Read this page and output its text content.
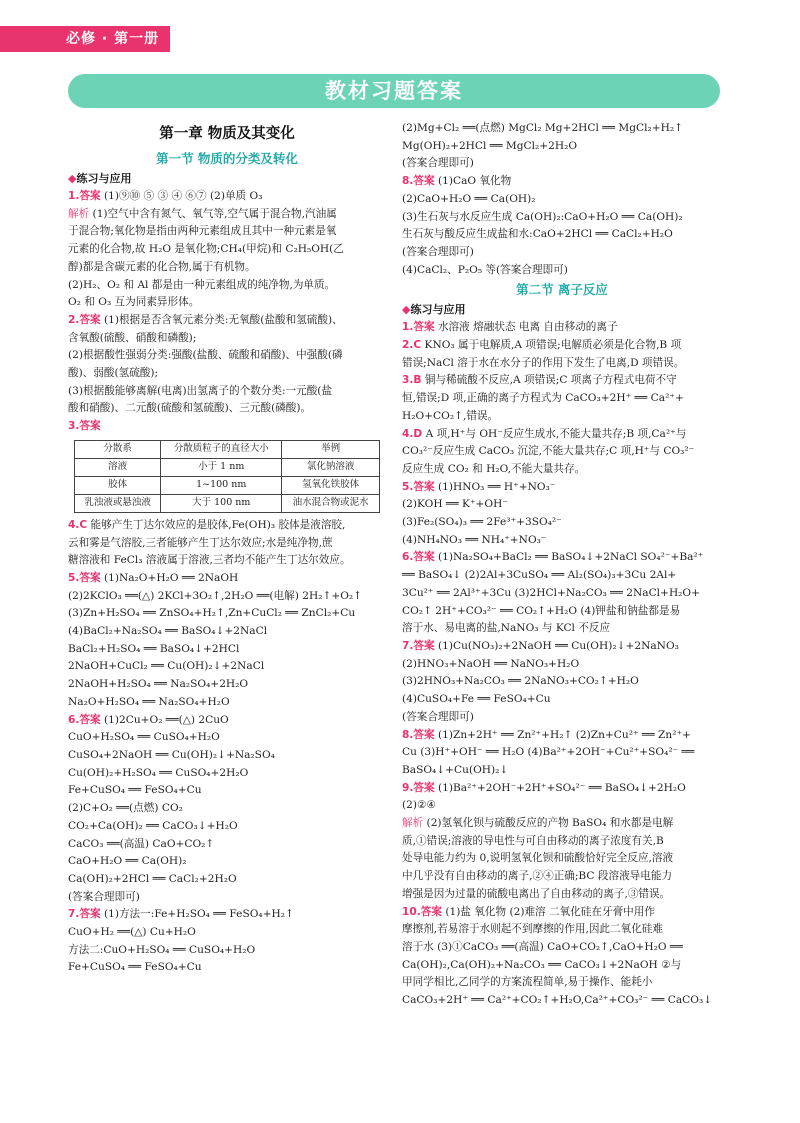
必修 · 第一册
教材习题答案
第一章 物质及其变化
第一节 物质的分类及转化
◆练习与应用

1.答案 (1)⑨⑩ ⑤ ③ ④ ⑥⑦ (2)单质 O₃

解析 (1)空气中含有氮气、氧气等,空气属于混合物,汽油属

于混合物;氧化物是指由两种元素组成且其中一种元素是氧

元素的化合物,故 H₂O 是氧化物;CH₄(甲烷)和 C₂H₅OH(乙

醇)都是含碳元素的化合物,属于有机物。

(2)H₂、O₂ 和 Al 都是由一种元素组成的纯净物,为单质。

O₂ 和 O₃ 互为同素异形体。

2.答案 (1)根据是否含氧元素分类:无氧酸(盐酸和氢硫酸)、

含氧酸(硫酸、硝酸和磷酸);

(2)根据酸性强弱分类:强酸(盐酸、硫酸和硝酸)、中强酸(磷

酸)、弱酸(氢硫酸);

(3)根据酸能够离解(电离)出氢离子的个数分类:一元酸(盐

酸和硝酸)、二元酸(硫酸和氢硫酸)、三元酸(磷酸)。

3.答案

分散系	分散质粒子的直径大小	举例
溶液	小于 1 nm	氯化钠溶液
胶体	1~100 nm	氢氧化铁胶体
乳浊液或悬浊液	大于 100 nm	油水混合物或泥水

4.C 能够产生丁达尔效应的是胶体,Fe(OH)₃ 胶体是液溶胶,

云和雾是气溶胶,三者能够产生丁达尔效应;水是纯净物,蔗

糖溶液和 FeCl₃ 溶液属于溶液,三者均不能产生丁达尔效应。

5.答案 (1)Na₂O+H₂O ══ 2NaOH

(2)2KClO₃ ══(△) 2KCl+3O₂↑,2H₂O ══(电解) 2H₂↑+O₂↑

(3)Zn+H₂SO₄ ══ ZnSO₄+H₂↑,Zn+CuCl₂ ══ ZnCl₂+Cu

(4)BaCl₂+Na₂SO₄ ══ BaSO₄↓+2NaCl

BaCl₂+H₂SO₄ ══ BaSO₄↓+2HCl

2NaOH+CuCl₂ ══ Cu(OH)₂↓+2NaCl

2NaOH+H₂SO₄ ══ Na₂SO₄+2H₂O

Na₂O+H₂SO₄ ══ Na₂SO₄+H₂O

6.答案 (1)2Cu+O₂ ══(△) 2CuO

CuO+H₂SO₄ ══ CuSO₄+H₂O

CuSO₄+2NaOH ══ Cu(OH)₂↓+Na₂SO₄

Cu(OH)₂+H₂SO₄ ══ CuSO₄+2H₂O

Fe+CuSO₄ ══ FeSO₄+Cu

(2)C+O₂ ══(点燃) CO₂

CO₂+Ca(OH)₂ ══ CaCO₃↓+H₂O

CaCO₃ ══(高温) CaO+CO₂↑

CaO+H₂O ══ Ca(OH)₂

Ca(OH)₂+2HCl ══ CaCl₂+2H₂O

(答案合理即可)

7.答案 (1)方法一:Fe+H₂SO₄ ══ FeSO₄+H₂↑

CuO+H₂ ══(△) Cu+H₂O

方法二:CuO+H₂SO₄ ══ CuSO₄+H₂O

Fe+CuSO₄ ══ FeSO₄+Cu

(2)Mg+Cl₂ ══(点燃) MgCl₂ Mg+2HCl ══ MgCl₂+H₂↑

Mg(OH)₂+2HCl ══ MgCl₂+2H₂O

(答案合理即可)

8.答案 (1)CaO 氧化物

(2)CaO+H₂O ══ Ca(OH)₂

(3)生石灰与水反应生成 Ca(OH)₂:CaO+H₂O ══ Ca(OH)₂

生石灰与酸反应生成盐和水:CaO+2HCl ══ CaCl₂+H₂O

(答案合理即可)

(4)CaCl₂、P₂O₅ 等(答案合理即可)

第二节 离子反应
◆练习与应用

1.答案 水溶液 熔融状态 电离 自由移动的离子

2.C KNO₃ 属于电解质,A 项错误;电解质必须是化合物,B 项

错误;NaCl 溶于水在水分子的作用下发生了电离,D 项错误。

3.B 铜与稀硫酸不反应,A 项错误;C 项离子方程式电荷不守

恒,错误;D 项,正确的离子方程式为 CaCO₃+2H⁺ ══ Ca²⁺+

H₂O+CO₂↑,错误。

4.D A 项,H⁺与 OH⁻反应生成水,不能大量共存;B 项,Ca²⁺与

CO₃²⁻反应生成 CaCO₃ 沉淀,不能大量共存;C 项,H⁺与 CO₃²⁻

反应生成 CO₂ 和 H₂O,不能大量共存。

5.答案 (1)HNO₃ ══ H⁺+NO₃⁻

(2)KOH ══ K⁺+OH⁻

(3)Fe₂(SO₄)₃ ══ 2Fe³⁺+3SO₄²⁻

(4)NH₄NO₃ ══ NH₄⁺+NO₃⁻

6.答案 (1)Na₂SO₄+BaCl₂ ══ BaSO₄↓+2NaCl SO₄²⁻+Ba²⁺

══ BaSO₄↓ (2)2Al+3CuSO₄ ══ Al₂(SO₄)₃+3Cu 2Al+

3Cu²⁺ ══ 2Al³⁺+3Cu (3)2HCl+Na₂CO₃ ══ 2NaCl+H₂O+

CO₂↑ 2H⁺+CO₃²⁻ ══ CO₂↑+H₂O (4)钾盐和钠盐都是易

溶于水、易电离的盐,NaNO₃ 与 KCl 不反应

7.答案 (1)Cu(NO₃)₂+2NaOH ══ Cu(OH)₂↓+2NaNO₃

(2)HNO₃+NaOH ══ NaNO₃+H₂O

(3)2HNO₃+Na₂CO₃ ══ 2NaNO₃+CO₂↑+H₂O

(4)CuSO₄+Fe ══ FeSO₄+Cu

(答案合理即可)

8.答案 (1)Zn+2H⁺ ══ Zn²⁺+H₂↑ (2)Zn+Cu²⁺ ══ Zn²⁺+

Cu (3)H⁺+OH⁻ ══ H₂O (4)Ba²⁺+2OH⁻+Cu²⁺+SO₄²⁻ ══

BaSO₄↓+Cu(OH)₂↓

9.答案 (1)Ba²⁺+2OH⁻+2H⁺+SO₄²⁻ ══ BaSO₄↓+2H₂O

(2)②④

解析 (2)氢氧化钡与硫酸反应的产物 BaSO₄ 和水都是电解

质,①错误;溶液的导电性与可自由移动的离子浓度有关,B

处导电能力约为 0,说明氢氧化钡和硫酸恰好完全反应,溶液

中几乎没有自由移动的离子,②④正确;BC 段溶液导电能力

增强是因为过量的硫酸电离出了自由移动的离子,③错误。

10.答案 (1)盐 氧化物 (2)难溶 二氧化硅在牙膏中用作

摩擦剂,若易溶于水则起不到摩擦的作用,因此二氧化硅难

溶于水 (3)①CaCO₃ ══(高温) CaO+CO₂↑,CaO+H₂O ══

Ca(OH)₂,Ca(OH)₂+Na₂CO₃ ══ CaCO₃↓+2NaOH ②与

甲同学相比,乙同学的方案流程简单,易于操作、能耗小

CaCO₃+2H⁺ ══ Ca²⁺+CO₂↑+H₂O,Ca²⁺+CO₃²⁻ ══ CaCO₃↓
